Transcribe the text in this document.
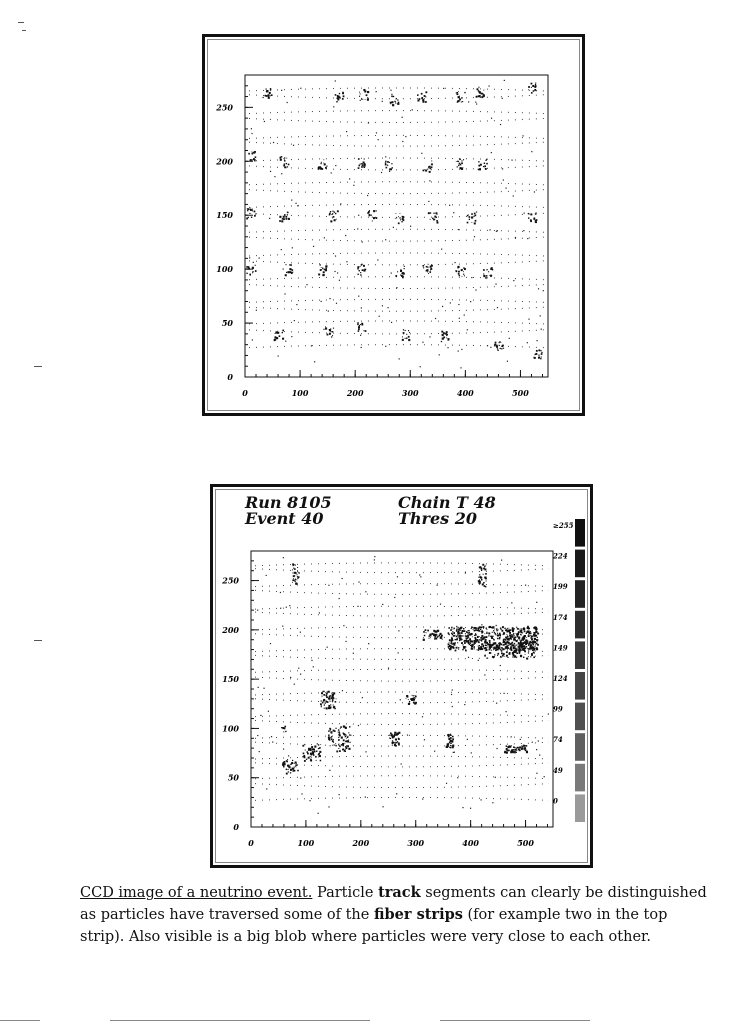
0	100	200	300	400	500
250
200
150
100
50
0
Run 8105
Event 40
Chain T 48
Thres 20
0	100	200	300	400	500
250
200
150
100
50
0
≥255
224
199
174
149
124
99
74
49
0
CCD image of a neutrino event. Particle track segments can clearly be distinguished as particles have traversed some of the fiber strips (for example two in the top strip). Also visible is a big blob where particles were very close to each other.
